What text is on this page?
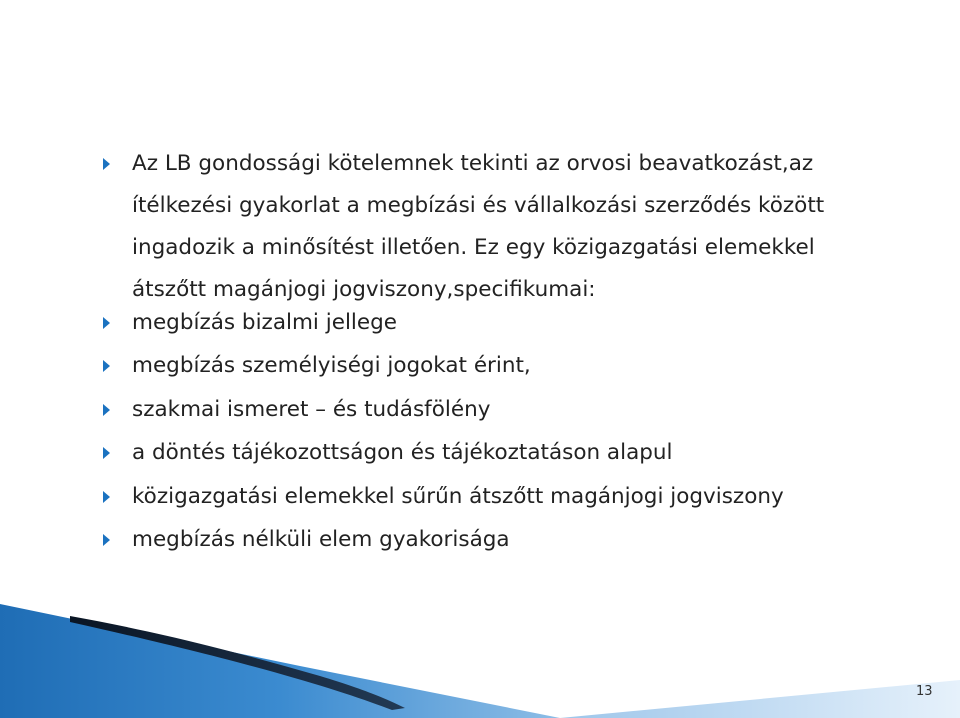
Az LB gondossági kötelemnek tekinti az orvosi beavatkozást,az
ítélkezési gyakorlat a megbízási és vállalkozási szerződés között
ingadozik a minősítést illetően. Ez egy közigazgatási elemekkel
átszőtt magánjogi jogviszony,specifikumai:

megbízás bizalmi jellege

megbízás személyiségi jogokat érint,

szakmai ismeret – és tudásfölény

a döntés tájékozottságon és tájékoztatáson alapul

közigazgatási elemekkel sűrűn átszőtt magánjogi jogviszony

megbízás nélküli elem gyakorisága

13
